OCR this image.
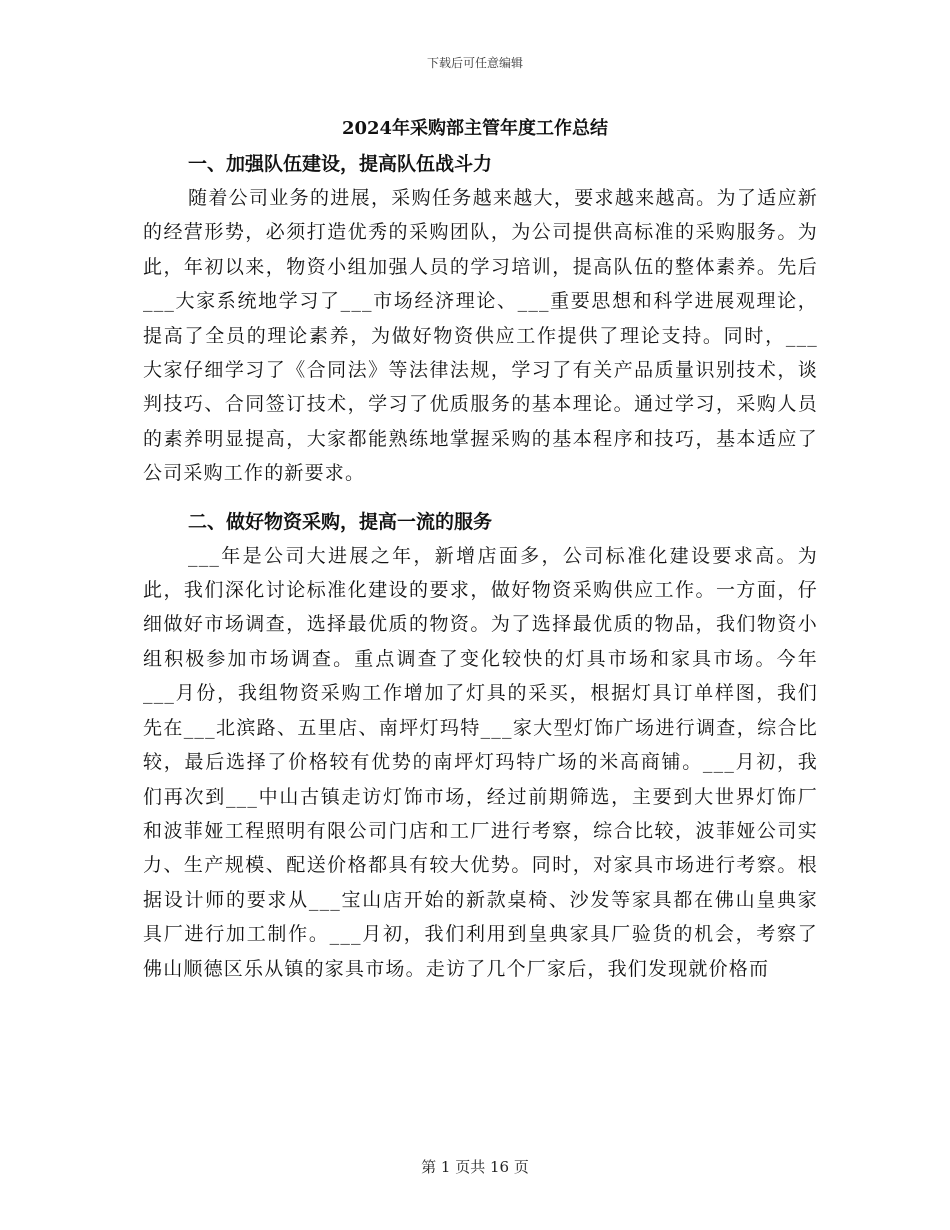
下载后可任意编辑
2024年采购部主管年度工作总结
一、加强队伍建设，提高队伍战斗力

随着公司业务的进展，采购任务越来越大，要求越来越高。为了适应新的经营形势，必须打造优秀的采购团队，为公司提供高标准的采购服务。为此，年初以来，物资小组加强人员的学习培训，提高队伍的整体素养。先后___大家系统地学习了___市场经济理论、___重要思想和科学进展观理论，提高了全员的理论素养，为做好物资供应工作提供了理论支持。同时，___大家仔细学习了《合同法》等法律法规，学习了有关产品质量识别技术，谈判技巧、合同签订技术，学习了优质服务的基本理论。通过学习，采购人员的素养明显提高，大家都能熟练地掌握采购的基本程序和技巧，基本适应了公司采购工作的新要求。

二、做好物资采购，提高一流的服务

___年是公司大进展之年，新增店面多，公司标准化建设要求高。为此，我们深化讨论标准化建设的要求，做好物资采购供应工作。一方面，仔细做好市场调查，选择最优质的物资。为了选择最优质的物品，我们物资小组积极参加市场调查。重点调查了变化较快的灯具市场和家具市场。今年___月份，我组物资采购工作增加了灯具的采买，根据灯具订单样图，我们先在___北滨路、五里店、南坪灯玛特___家大型灯饰广场进行调查，综合比较，最后选择了价格较有优势的南坪灯玛特广场的米高商铺。___月初，我们再次到___中山古镇走访灯饰市场，经过前期筛选，主要到大世界灯饰厂和波菲娅工程照明有限公司门店和工厂进行考察，综合比较，波菲娅公司实力、生产规模、配送价格都具有较大优势。同时，对家具市场进行考察。根据设计师的要求从___宝山店开始的新款桌椅、沙发等家具都在佛山皇典家具厂进行加工制作。___月初，我们利用到皇典家具厂验货的机会，考察了佛山顺德区乐从镇的家具市场。走访了几个厂家后，我们发现就价格而

第 1 页共 16 页
